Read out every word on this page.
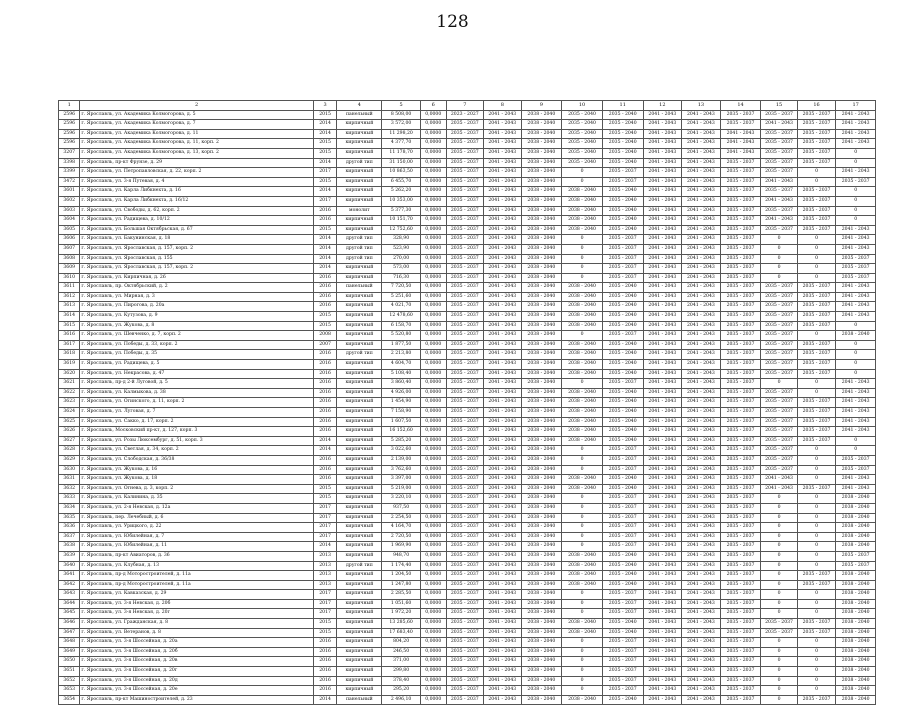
128
1	2	3	4	5	6	7	8	9	10	11	12	13	14	15	16	17
2596	г. Ярославль, ул. Академика Колмогорова, д. 5	2015	панельный	8 508,00	0,0000	2023 - 2027	2041 - 2043	2038 - 2040	2035 - 2040	2035 - 2040	2041 - 2043	2041 - 2043	2035 - 2037	2035 - 2037	2035 - 2037	2041 - 2043
2596	г. Ярославль, ул. Академика Колмогорова, д. 7	2014	кирпичный	3 572,00	0,0000	2035 - 2037	2041 - 2043	2038 - 2040	2035 - 2040	2035 - 2040	2041 - 2043	2041 - 2043	2035 - 2037	2041 - 2043	2035 - 2037	2041 - 2043
2596	г. Ярославль, ул. Академика Колмогорова, д. 11	2014	кирпичный	11 298,20	0,0000	2035 - 2037	2041 - 2043	2038 - 2040	2035 - 2040	2035 - 2040	2041 - 2043	2041 - 2043	2041 - 2043	2035 - 2037	2035 - 2037	2041 - 2043
2596	г. Ярославль, ул. Академика Колмогорова, д. 11, корп. 2	2015	кирпичный	4 377,70	0,0000	2035 - 2037	2041 - 2043	2038 - 2040	2035 - 2040	2035 - 2040	2041 - 2043	2041 - 2043	2041 - 2043	2035 - 2037	2035 - 2037	2041 - 2043
3207	г. Ярославль, ул. Академика Колмогорова, д. 13, корп. 2	2015	кирпичный	11 178,70	0,0000	2035 - 2037	2041 - 2043	2038 - 2040	2035 - 2040	2035 - 2040	2041 - 2043	2041 - 2043	2041 - 2043	2035 - 2037	2035 - 2037	0
3398	г. Ярославль, пр-кт Фрунзе, д. 29	2014	другой тип	31 150,00	0,0000	2035 - 2037	2041 - 2043	2038 - 2040	2035 - 2040	2035 - 2040	2041 - 2043	2041 - 2043	2035 - 2037	2035 - 2037	2035 - 2037	0
3399	г. Ярославль, ул. Петропавловская, д. 22, корп. 2	2017	кирпичный	10 863,50	0,0000	2035 - 2037	2041 - 2043	2038 - 2040	0	2035 - 2037	2041 - 2043	2041 - 2043	2035 - 2037	2035 - 2037	0	2041 - 2043
3472	г. Ярославль, ул. 3-я Путевая, д. 4	2015	кирпичный	6 455,70	0,0000	2035 - 2037	2041 - 2043	2038 - 2040	0	2035 - 2037	2041 - 2043	2041 - 2043	2035 - 2037	2041 - 2043	0	2035 - 2037
3601	г. Ярославль, ул. Карла Либкнехта, д. 16	2014	кирпичный	5 262,20	0,0000	2035 - 2037	2041 - 2043	2038 - 2040	2038 - 2040	2035 - 2040	2041 - 2043	2041 - 2043	2035 - 2037	2035 - 2037	2035 - 2037	0
3602	г. Ярославль, ул. Карла Либкнехта, д. 16/12	2017	кирпичный	10 353,00	0,0000	2035 - 2037	2041 - 2043	2038 - 2040	2038 - 2040	2035 - 2040	2041 - 2043	2041 - 2043	2035 - 2037	2041 - 2043	2035 - 2037	0
3603	г. Ярославль, ул. Свободы, д. 62, корп. 2	2016	монолит	5 377,30	0,0000	2035 - 2037	2041 - 2043	2038 - 2040	2038 - 2040	2035 - 2040	2041 - 2043	2041 - 2043	2035 - 2037	2035 - 2037	2035 - 2037	0
3604	г. Ярославль, ул. Радищева, д. 10/12	2016	кирпичный	10 151,70	0,0000	2035 - 2037	2041 - 2043	2038 - 2040	2038 - 2040	2035 - 2040	2041 - 2043	2041 - 2043	2035 - 2037	2041 - 2043	2035 - 2037	0
3605	г. Ярославль, ул. Большая Октябрьская, д. 67	2015	кирпичный	12 752,60	0,0000	2035 - 2037	2041 - 2043	2038 - 2040	2038 - 2040	2035 - 2040	2041 - 2043	2041 - 2043	2035 - 2037	2035 - 2037	2035 - 2037	2041 - 2043
3606	г. Ярославль, ул. Бакунинская, д. 18	2014	другой тип	328,90	0,0000	2035 - 2037	2041 - 2043	2038 - 2040	0	2035 - 2037	2041 - 2043	2041 - 2043	2035 - 2037	0	0	2041 - 2043
3607	г. Ярославль, ул. Ярославская, д. 157, корп. 2	2014	другой тип	523,90	0,0000	2035 - 2037	2041 - 2043	2038 - 2040	0	2035 - 2037	2041 - 2043	2041 - 2043	2035 - 2037	0	0	2041 - 2043
3608	г. Ярославль, ул. Ярославская, д. 155	2014	другой тип	270,00	0,0000	2035 - 2037	2041 - 2043	2038 - 2040	0	2035 - 2037	2041 - 2043	2041 - 2043	2035 - 2037	0	0	2035 - 2037
3609	г. Ярославль, ул. Ярославская, д. 157, корп. 2	2014	кирпичный	573,00	0,0000	2035 - 2037	2041 - 2043	2038 - 2040	0	2035 - 2037	2041 - 2043	2041 - 2043	2035 - 2037	0	0	2035 - 2037
3610	г. Ярославль, ул. Кирпичная, д. 26	2016	кирпичный	716,30	0,0000	2035 - 2037	2041 - 2043	2038 - 2040	0	2035 - 2037	2041 - 2043	2041 - 2043	2035 - 2037	0	0	2035 - 2037
3611	г. Ярославль, пр. Октябрьский, д. 2	2016	панельный	7 720,50	0,0000	2035 - 2037	2041 - 2043	2038 - 2040	2038 - 2040	2035 - 2040	2041 - 2043	2041 - 2043	2035 - 2037	2035 - 2037	2035 - 2037	2041 - 2043
3612	г. Ярославль, ул. Мирная, д. 3	2016	кирпичный	5 251,60	0,0000	2035 - 2037	2041 - 2043	2038 - 2040	2038 - 2040	2035 - 2040	2041 - 2043	2041 - 2043	2035 - 2037	2035 - 2037	2035 - 2037	2041 - 2043
3613	г. Ярославль, ул. Пирогова, д. 20а	2016	кирпичный	4 021,70	0,0000	2035 - 2037	2041 - 2043	2038 - 2040	2038 - 2040	2035 - 2040	2041 - 2043	2041 - 2043	2035 - 2037	2035 - 2037	2035 - 2037	2041 - 2043
3614	г. Ярославль, ул. Кутузова, д. 9	2015	кирпичный	12 478,60	0,0000	2035 - 2037	2041 - 2043	2038 - 2040	2038 - 2040	2035 - 2040	2041 - 2043	2041 - 2043	2035 - 2037	2035 - 2037	2035 - 2037	2041 - 2043
3615	г. Ярославль, ул. Жукова, д. 8	2015	кирпичный	6 158,70	0,0000	2035 - 2037	2041 - 2043	2038 - 2040	2038 - 2040	2035 - 2040	2041 - 2043	2041 - 2043	2035 - 2037	2035 - 2037	2035 - 2037	0
3616	г. Ярославль, ул. Шевченко, д. 7, корп. 2	2008	кирпичный	5 520,80	0,0000	2035 - 2037	2041 - 2043	2038 - 2040	0	2035 - 2037	2041 - 2043	2041 - 2043	2035 - 2037	2035 - 2037	0	2038 - 2040
3617	г. Ярославль, ул. Победы, д. 33, корп. 2	2007	кирпичный	1 877,50	0,0000	2035 - 2037	2041 - 2043	2038 - 2040	2038 - 2040	2035 - 2040	2041 - 2043	2041 - 2043	2035 - 2037	2035 - 2037	2035 - 2037	0
3618	г. Ярославль, ул. Победы, д. 35	2016	другой тип	2 213,80	0,0000	2035 - 2037	2041 - 2043	2038 - 2040	2038 - 2040	2035 - 2040	2041 - 2043	2041 - 2043	2035 - 2037	2035 - 2037	2035 - 2037	0
3619	г. Ярославль, ул. Радищева, д. 5	2016	кирпичный	4 604,70	0,0000	2035 - 2037	2041 - 2043	2038 - 2040	2038 - 2040	2035 - 2040	2041 - 2043	2041 - 2043	2035 - 2037	2035 - 2037	2035 - 2037	0
3620	г. Ярославль, ул. Некрасова, д. 47	2016	кирпичный	5 108,40	0,0000	2035 - 2037	2041 - 2043	2038 - 2040	2038 - 2040	2035 - 2040	2041 - 2043	2041 - 2043	2035 - 2037	2035 - 2037	2035 - 2037	0
3621	г. Ярославль, пр-д 2-й Луговой, д. 5	2016	кирпичный	3 860,40	0,0000	2035 - 2037	2041 - 2043	2038 - 2040	0	2035 - 2037	2041 - 2043	2041 - 2043	2035 - 2037	0	0	2041 - 2043
3622	г. Ярославль, ул. Калмыкова, д. 38	2016	кирпичный	4 926,00	0,0000	2035 - 2037	2041 - 2043	2038 - 2040	2038 - 2040	2035 - 2040	2041 - 2043	2041 - 2043	2035 - 2037	2035 - 2037	0	2041 - 2043
3623	г. Ярославль, ул. Огинского, д. 11, корп. 2	2016	кирпичный	1 454,90	0,0000	2035 - 2037	2041 - 2043	2038 - 2040	2038 - 2040	2035 - 2040	2041 - 2043	2041 - 2043	2035 - 2037	2035 - 2037	2035 - 2037	2041 - 2043
3624	г. Ярославль, ул. Луговая, д. 7	2016	кирпичный	7 158,90	0,0000	2035 - 2037	2041 - 2043	2038 - 2040	2038 - 2040	2035 - 2040	2041 - 2043	2041 - 2043	2035 - 2037	2035 - 2037	2035 - 2037	2041 - 2043
3625	г. Ярославль, ул. Сакко, д. 17, корп. 2	2016	кирпичный	1 607,50	0,0000	2035 - 2037	2041 - 2043	2038 - 2040	2038 - 2040	2035 - 2040	2041 - 2043	2041 - 2043	2035 - 2037	2035 - 2037	2035 - 2037	2041 - 2043
3626	г. Ярославль, Московский пр-кт, д. 127, корп. 3	2016	кирпичный	16 152,60	0,0000	2035 - 2037	2041 - 2043	2038 - 2040	2038 - 2040	2035 - 2040	2041 - 2043	2041 - 2043	2035 - 2037	2035 - 2037	2035 - 2037	2041 - 2043
3627	г. Ярославль, ул. Розы Люксембург, д. 51, корп. 3	2014	кирпичный	5 285,20	0,0000	2035 - 2037	2041 - 2043	2038 - 2040	2038 - 2040	2035 - 2040	2041 - 2043	2041 - 2043	2035 - 2037	2035 - 2037	2035 - 2037	0
3628	г. Ярославль, ул. Светлая, д. 34, корп. 2	2014	кирпичный	3 022,60	0,0000	2035 - 2037	2041 - 2043	2038 - 2040	0	2035 - 2037	2041 - 2043	2041 - 2043	2035 - 2037	2035 - 2037	0	0
3629	г. Ярославль, ул. Слободская, д. 36/38	2016	кирпичный	2 139,00	0,0000	2035 - 2037	2041 - 2043	2038 - 2040	0	2035 - 2037	2041 - 2043	2041 - 2043	2035 - 2037	2035 - 2037	0	2035 - 2037
3630	г. Ярославль, ул. Жукова, д. 16	2016	кирпичный	3 762,60	0,0000	2035 - 2037	2041 - 2043	2038 - 2040	0	2035 - 2037	2041 - 2043	2041 - 2043	2035 - 2037	2035 - 2037	0	2035 - 2037
3631	г. Ярославль, ул. Жукова, д. 18	2016	кирпичный	3 397,00	0,0000	2035 - 2037	2041 - 2043	2038 - 2040	2038 - 2040	2035 - 2040	2041 - 2043	2041 - 2043	2035 - 2037	2041 - 2043	0	2041 - 2043
3632	г. Ярославль, ул. Огнева, д. 3, корп. 2	2015	кирпичный	5 219,00	0,0000	2035 - 2037	2041 - 2043	2038 - 2040	2038 - 2040	2035 - 2040	2041 - 2043	2041 - 2043	2035 - 2037	2041 - 2043	2035 - 2037	2041 - 2043
3633	г. Ярославль, ул. Калинина, д. 35	2015	кирпичный	3 220,10	0,0000	2035 - 2037	2041 - 2043	2038 - 2040	0	2035 - 2037	2041 - 2043	2041 - 2043	2035 - 2037	0	0	2038 - 2040
3634	г. Ярославль, ул. 2-я Невская, д. 12а	2017	кирпичный	937,50	0,0000	2035 - 2037	2041 - 2043	2038 - 2040	0	2035 - 2037	2041 - 2043	2041 - 2043	2035 - 2037	0	0	2038 - 2040
3635	г. Ярославль, пер. Лечебный, д. 6	2017	кирпичный	2 254,50	0,0000	2035 - 2037	2041 - 2043	2038 - 2040	0	2035 - 2037	2041 - 2043	2041 - 2043	2035 - 2037	0	0	2038 - 2040
3636	г. Ярославль, ул. Урицкого, д. 22	2017	кирпичный	4 164,70	0,0000	2035 - 2037	2041 - 2043	2038 - 2040	0	2035 - 2037	2041 - 2043	2041 - 2043	2035 - 2037	0	0	2038 - 2040
3637	г. Ярославль, ул. Юбилейная, д. 7	2017	кирпичный	2 720,50	0,0000	2035 - 2037	2041 - 2043	2038 - 2040	0	2035 - 2037	2041 - 2043	2041 - 2043	2035 - 2037	0	0	2038 - 2040
3638	г. Ярославль, ул. Юбилейная, д. 11	2014	кирпичный	1 969,90	0,0000	2035 - 2037	2041 - 2043	2038 - 2040	0	2035 - 2037	2041 - 2043	2041 - 2043	2035 - 2037	0	0	2038 - 2040
3639	г. Ярославль, пр-кт Авиаторов, д. 36	2013	кирпичный	948,70	0,0000	2035 - 2037	2041 - 2043	2038 - 2040	2038 - 2040	2035 - 2040	2041 - 2043	2041 - 2043	2035 - 2037	0	0	2035 - 2037
3640	г. Ярославль, ул. Клубная, д. 13	2013	другой тип	1 174,40	0,0000	2035 - 2037	2041 - 2043	2038 - 2040	2038 - 2040	2035 - 2040	2041 - 2043	2041 - 2043	2035 - 2037	0	0	2035 - 2037
3641	г. Ярославль, пр-д Моторостроителей, д. 11а	2013	кирпичный	1 204,50	0,0000	2035 - 2037	2041 - 2043	2038 - 2040	2038 - 2040	2035 - 2040	2041 - 2043	2041 - 2043	2035 - 2037	0	2035 - 2037	2038 - 2040
3642	г. Ярославль, пр-д Моторостроителей, д. 11а	2013	кирпичный	1 247,80	0,0000	2035 - 2037	2041 - 2043	2038 - 2040	2038 - 2040	2035 - 2040	2041 - 2043	2041 - 2043	2035 - 2037	0	2035 - 2037	2038 - 2040
3643	г. Ярославль, ул. Кавказская, д. 29	2017	кирпичный	2 285,50	0,0000	2035 - 2037	2041 - 2043	2038 - 2040	0	2035 - 2037	2041 - 2043	2041 - 2043	2035 - 2037	0	0	2038 - 2040
3644	г. Ярославль, ул. 3-я Невская, д. 20б	2017	кирпичный	1 051,60	0,0000	2035 - 2037	2041 - 2043	2038 - 2040	0	2035 - 2037	2041 - 2043	2041 - 2043	2035 - 2037	0	0	2038 - 2040
3645	г. Ярославль, ул. 3-я Невская, д. 20г	2017	кирпичный	1 972,20	0,0000	2035 - 2037	2041 - 2043	2038 - 2040	0	2035 - 2037	2041 - 2043	2041 - 2043	2035 - 2037	0	0	2038 - 2040
3646	г. Ярославль, ул. Гражданская, д. 8	2015	кирпичный	13 285,60	0,0000	2035 - 2037	2041 - 2043	2038 - 2040	2038 - 2040	2035 - 2040	2041 - 2043	2041 - 2043	2035 - 2037	2035 - 2037	2035 - 2037	2038 - 2040
3647	г. Ярославль, ул. Ветеранов, д. 8	2015	кирпичный	17 683,40	0,0000	2035 - 2037	2041 - 2043	2038 - 2040	2038 - 2040	2035 - 2040	2041 - 2043	2041 - 2043	2035 - 2037	2035 - 2037	2035 - 2037	2038 - 2040
3648	г. Ярославль, ул. 3-я Шоссейная, д. 20а	2016	кирпичный	804,20	0,0000	2035 - 2037	2041 - 2043	2038 - 2040	0	2035 - 2037	2041 - 2043	2041 - 2043	2035 - 2037	0	0	2038 - 2040
3649	г. Ярославль, ул. 3-я Шоссейная, д. 20б	2016	кирпичный	246,50	0,0000	2035 - 2037	2041 - 2043	2038 - 2040	0	2035 - 2037	2041 - 2043	2041 - 2043	2035 - 2037	0	0	2038 - 2040
3650	г. Ярославль, ул. 3-я Шоссейная, д. 20в	2016	кирпичный	371,00	0,0000	2035 - 2037	2041 - 2043	2038 - 2040	0	2035 - 2037	2041 - 2043	2041 - 2043	2035 - 2037	0	0	2038 - 2040
3651	г. Ярославль, ул. 3-я Шоссейная, д. 20г	2016	кирпичный	299,80	0,0000	2035 - 2037	2041 - 2043	2038 - 2040	0	2035 - 2037	2041 - 2043	2041 - 2043	2035 - 2037	0	0	2038 - 2040
3652	г. Ярославль, ул. 3-я Шоссейная, д. 20д	2016	кирпичный	378,40	0,0000	2035 - 2037	2041 - 2043	2038 - 2040	0	2035 - 2037	2041 - 2043	2041 - 2043	2035 - 2037	0	0	2038 - 2040
3653	г. Ярославль, ул. 3-я Шоссейная, д. 20е	2016	кирпичный	295,20	0,0000	2035 - 2037	2041 - 2043	2038 - 2040	0	2035 - 2037	2041 - 2043	2041 - 2043	2035 - 2037	0	0	2038 - 2040
3654	г. Ярославль, пр-кт Машиностроителей, д. 23	2014	панельный	2 496,10	0,0000	2035 - 2037	2041 - 2043	2038 - 2040	2038 - 2040	2035 - 2040	2041 - 2043	2041 - 2043	2035 - 2037	0	2035 - 2037	2038 - 2040
